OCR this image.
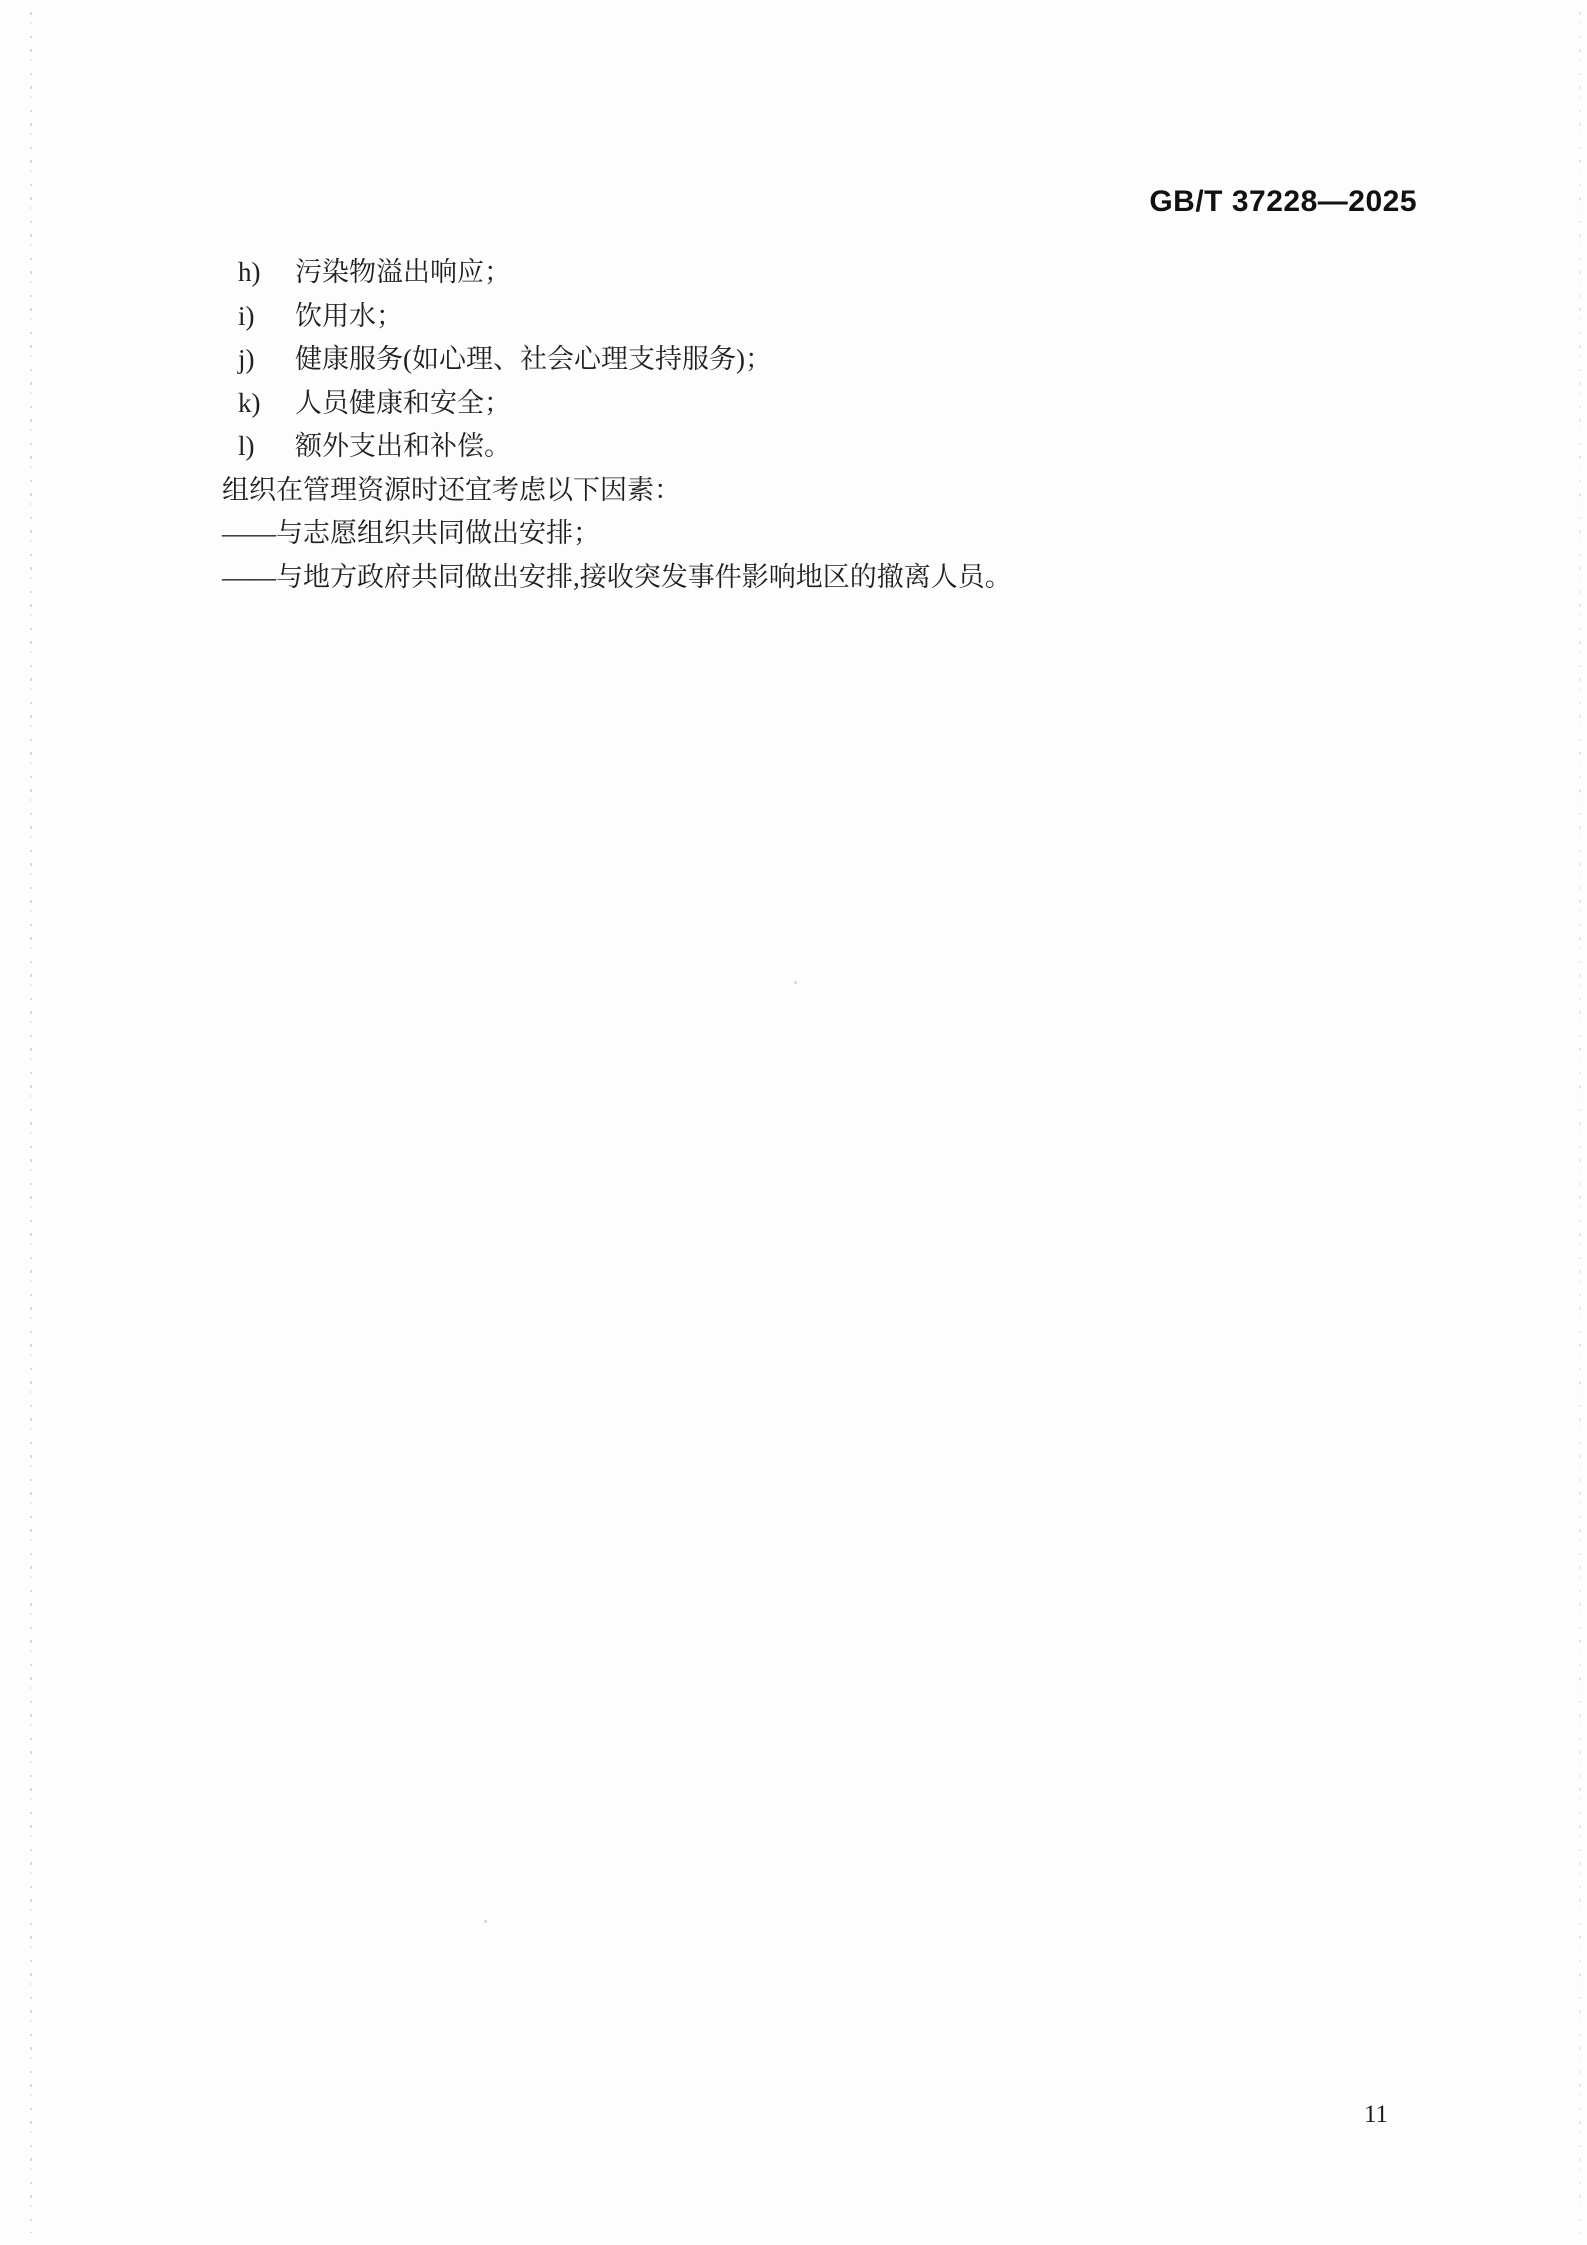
GB/T 37228—2025
h) 污染物溢出响应；
i) 饮用水；
j) 健康服务(如心理、社会心理支持服务)；
k) 人员健康和安全；
l) 额外支出和补偿。
组织在管理资源时还宜考虑以下因素：
——与志愿组织共同做出安排；
——与地方政府共同做出安排,接收突发事件影响地区的撤离人员。
11
